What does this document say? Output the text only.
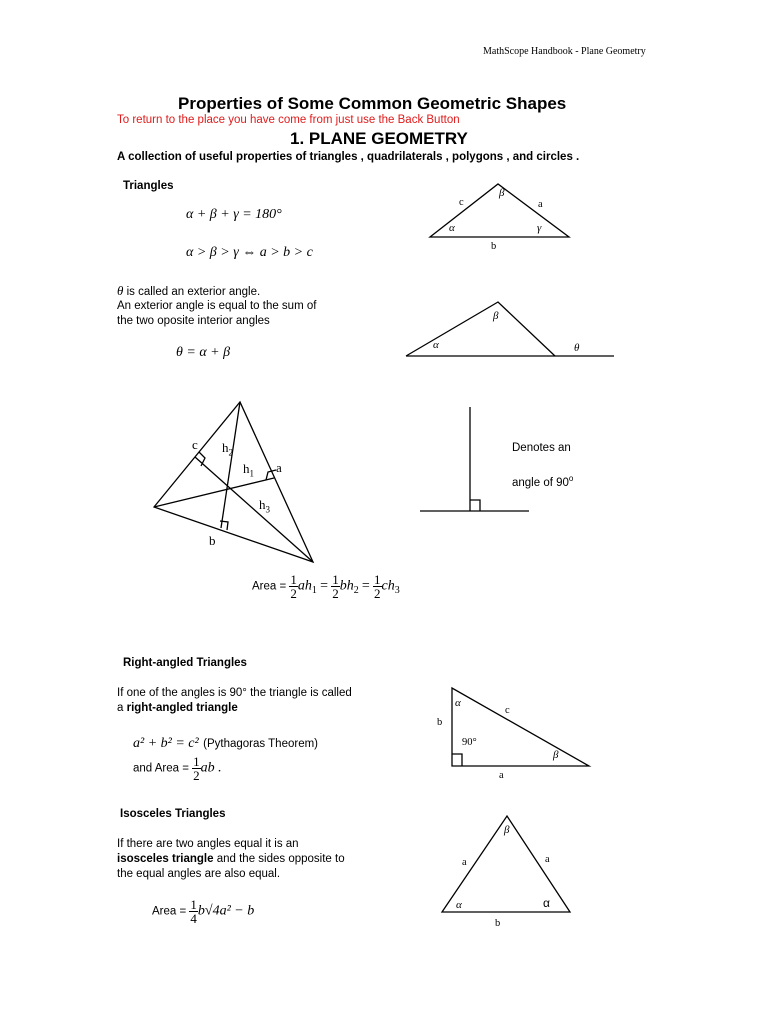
MathScope Handbook - Plane Geometry
Properties of Some Common Geometric Shapes
To return to the place you have come from just use the Back Button
1. PLANE GEOMETRY
A collection of useful properties of triangles , quadrilaterals , polygons , and circles .
Triangles
α + β + γ = 180°
α > β > γ ⇔ a > b > c
θ is called an exterior angle.
An exterior angle is equal to the sum of
the two oposite interior angles
θ = α + β
Denotes an
angle of 90$^o$
Area = $\frac{1}{2} ah_1 = \frac{1}{2} bh_2 = \frac{1}{2} ch_3$
Right-angled Triangles
If one of the angles is 90° the triangle is called
a right-angled triangle
a² + b² = c² (Pythagoras Theorem)
and Area = $\frac{1}{2}$ ab .
Isosceles Triangles
If there are two angles equal it is an
isosceles triangle and the sides opposite to
the equal angles are also equal.
Area = $\frac{1}{4} b√4a^2 - b$
c
β
a
α	γ
b
β
α	θ
c $h_2$
$h_1$ a
$h_3$
b
α
c
b
90°
β
a
β
a	a
α	α
b
